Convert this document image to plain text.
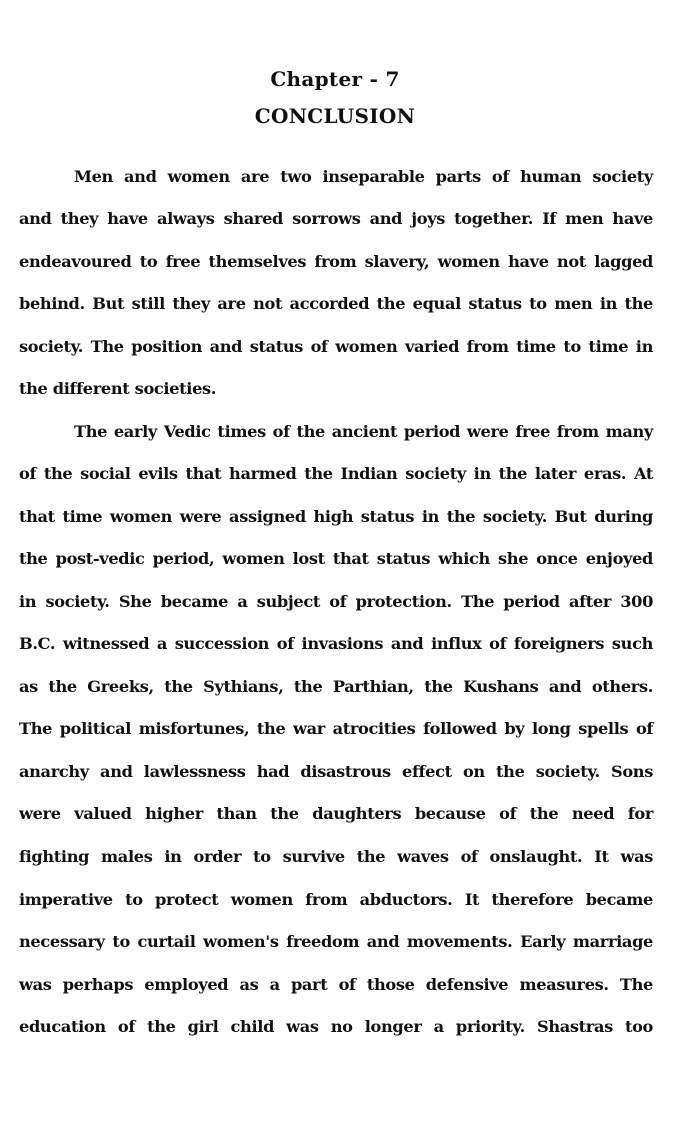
Chapter - 7
CONCLUSION
Men and women are two inseparable parts of human society
and they have always shared sorrows and joys together. If men have
endeavoured to free themselves from slavery, women have not lagged
behind. But still they are not accorded the equal status to men in the
society. The position and status of women varied from time to time in
the different societies.
The early Vedic times of the ancient period were free from many
of the social evils that harmed the Indian society in the later eras. At
that time women were assigned high status in the society. But during
the post-vedic period, women lost that status which she once enjoyed
in society. She became a subject of protection. The period after 300
B.C. witnessed a succession of invasions and influx of foreigners such
as the Greeks, the Sythians, the Parthian, the Kushans and others.
The political misfortunes, the war atrocities followed by long spells of
anarchy and lawlessness had disastrous effect on the society. Sons
were valued higher than the daughters because of the need for
fighting males in order to survive the waves of onslaught. It was
imperative to protect women from abductors. It therefore became
necessary to curtail women's freedom and movements. Early marriage
was perhaps employed as a part of those defensive measures. The
education of the girl child was no longer a priority. Shastras too
